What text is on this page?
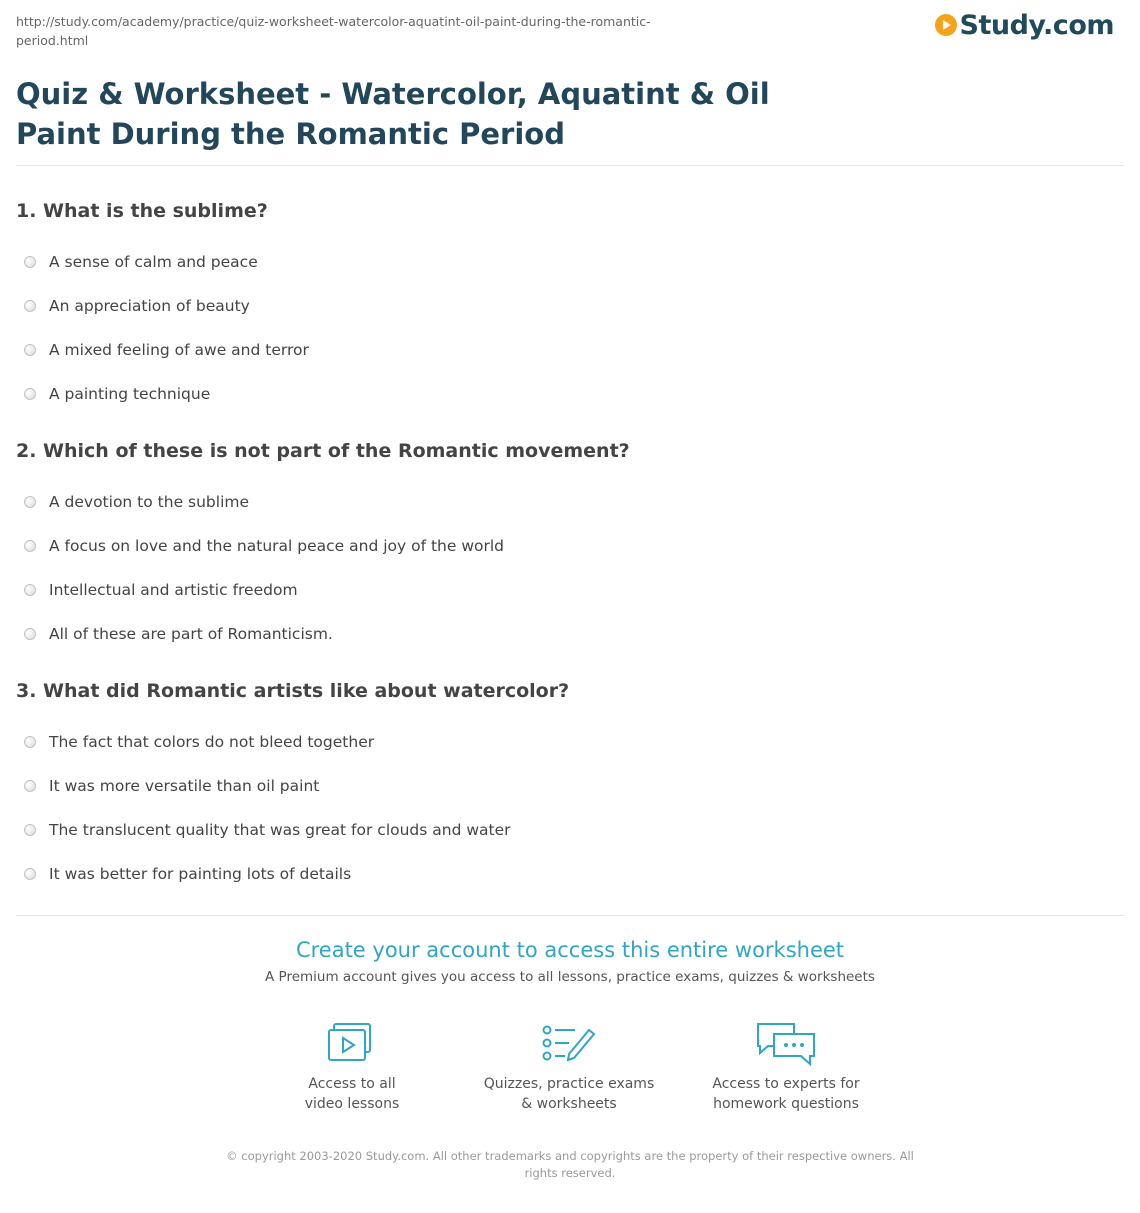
http://study.com/academy/practice/quiz-worksheet-watercolor-aquatint-oil-paint-during-the-romantic-period.html	Study.com
Quiz & Worksheet - Watercolor, Aquatint & Oil Paint During the Romantic Period
1. What is the sublime?
A sense of calm and peace
An appreciation of beauty
A mixed feeling of awe and terror
A painting technique
2. Which of these is not part of the Romantic movement?
A devotion to the sublime
A focus on love and the natural peace and joy of the world
Intellectual and artistic freedom
All of these are part of Romanticism.
3. What did Romantic artists like about watercolor?
The fact that colors do not bleed together
It was more versatile than oil paint
The translucent quality that was great for clouds and water
It was better for painting lots of details
Create your account to access this entire worksheet
A Premium account gives you access to all lessons, practice exams, quizzes & worksheets
Access to all
video lessons
Quizzes, practice exams
& worksheets
Access to experts for
homework questions
© copyright 2003-2020 Study.com. All other trademarks and copyrights are the property of their respective owners. All rights reserved.
